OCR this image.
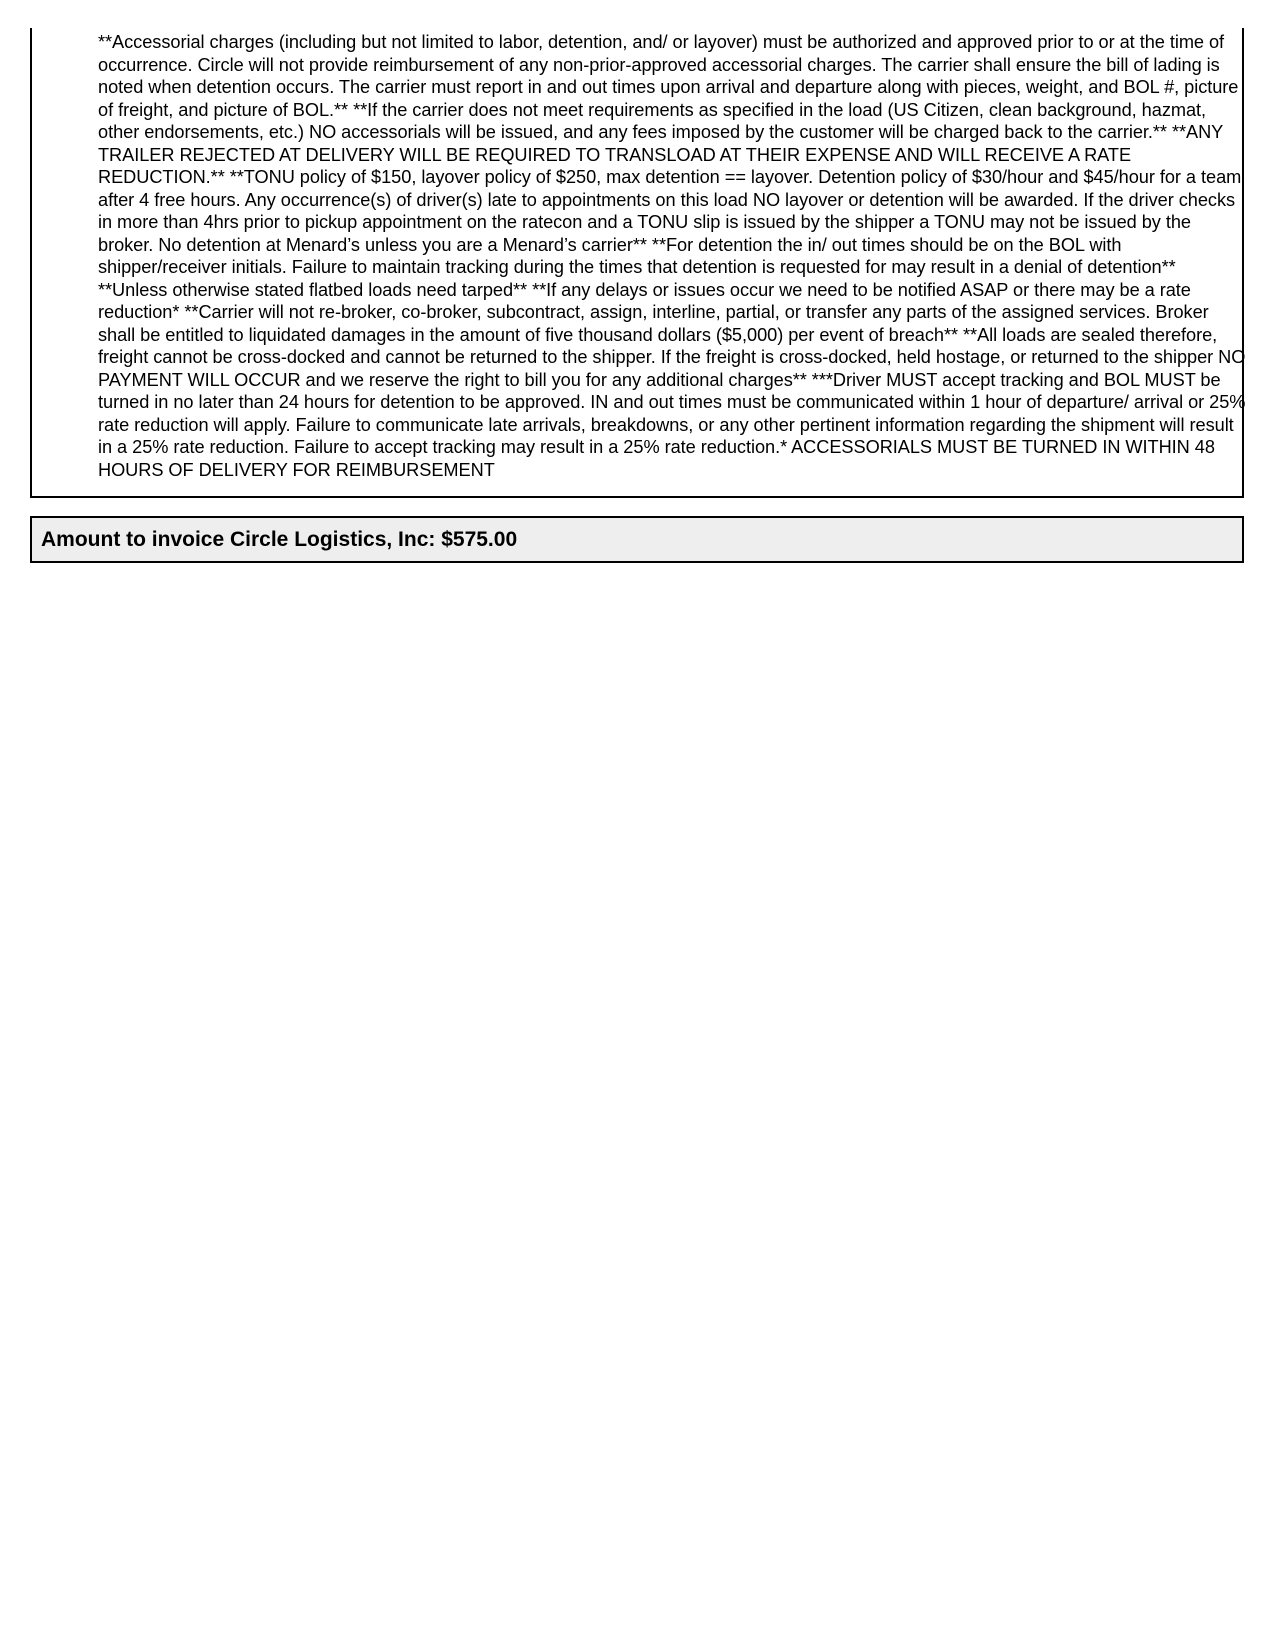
**Accessorial charges (including but not limited to labor, detention, and/ or layover) must be authorized and approved prior to or at the time of occurrence. Circle will not provide reimbursement of any non-prior-approved accessorial charges. The carrier shall ensure the bill of lading is noted when detention occurs. The carrier must report in and out times upon arrival and departure along with pieces, weight, and BOL #, picture of freight, and picture of BOL.** **If the carrier does not meet requirements as specified in the load (US Citizen, clean background, hazmat, other endorsements, etc.) NO accessorials will be issued, and any fees imposed by the customer will be charged back to the carrier.** **ANY TRAILER REJECTED AT DELIVERY WILL BE REQUIRED TO TRANSLOAD AT THEIR EXPENSE AND WILL RECEIVE A RATE REDUCTION.** **TONU policy of $150, layover policy of $250, max detention == layover. Detention policy of $30/hour and $45/hour for a team after 4 free hours. Any occurrence(s) of driver(s) late to appointments on this load NO layover or detention will be awarded. If the driver checks in more than 4hrs prior to pickup appointment on the ratecon and a TONU slip is issued by the shipper a TONU may not be issued by the broker. No detention at Menard’s unless you are a Menard’s carrier** **For detention the in/ out times should be on the BOL with shipper/receiver initials. Failure to maintain tracking during the times that detention is requested for may result in a denial of detention** **Unless otherwise stated flatbed loads need tarped** **If any delays or issues occur we need to be notified ASAP or there may be a rate reduction* **Carrier will not re-broker, co-broker, subcontract, assign, interline, partial, or transfer any parts of the assigned services. Broker shall be entitled to liquidated damages in the amount of five thousand dollars ($5,000) per event of breach** **All loads are sealed therefore, freight cannot be cross-docked and cannot be returned to the shipper. If the freight is cross-docked, held hostage, or returned to the shipper NO PAYMENT WILL OCCUR and we reserve the right to bill you for any additional charges** ***Driver MUST accept tracking and BOL MUST be turned in no later than 24 hours for detention to be approved. IN and out times must be communicated within 1 hour of departure/ arrival or 25% rate reduction will apply. Failure to communicate late arrivals, breakdowns, or any other pertinent information regarding the shipment will result in a 25% rate reduction. Failure to accept tracking may result in a 25% rate reduction.* ACCESSORIALS MUST BE TURNED IN WITHIN 48 HOURS OF DELIVERY FOR REIMBURSEMENT

Amount to invoice Circle Logistics, Inc: $575.00
